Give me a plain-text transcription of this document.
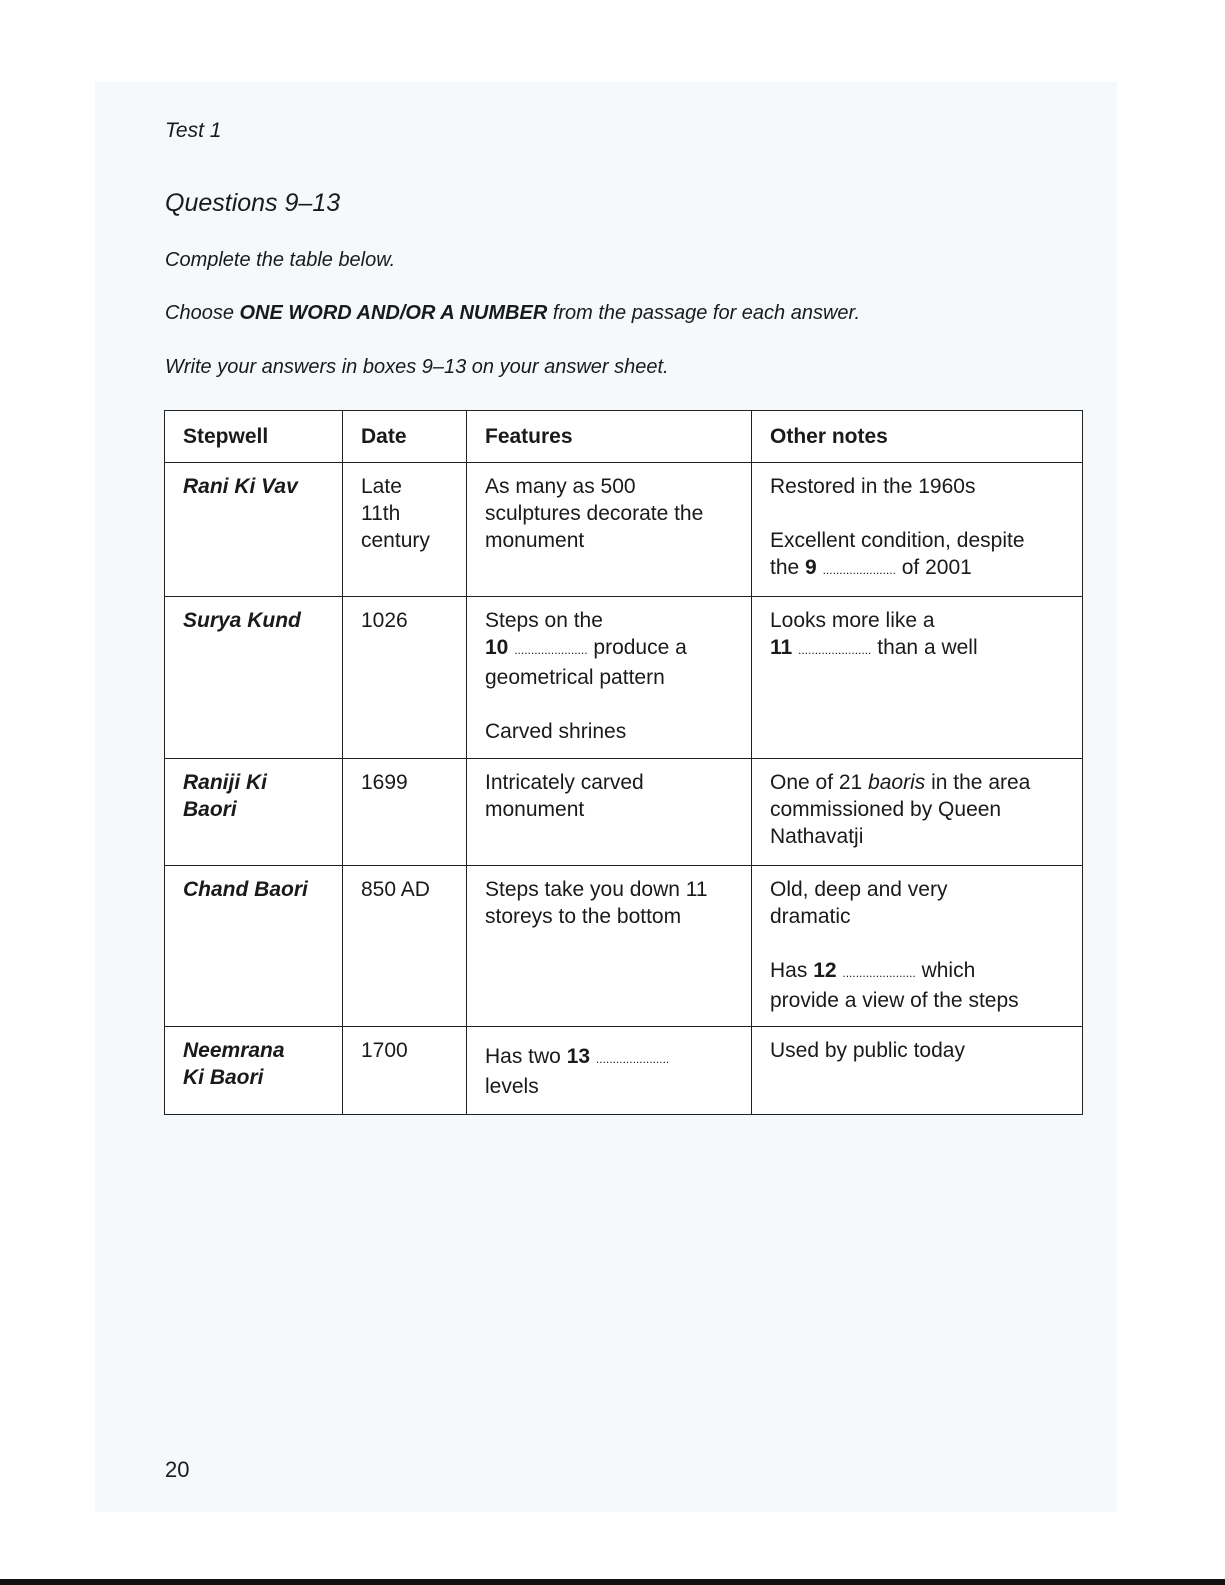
Test 1

Questions 9–13

Complete the table below.

Choose ONE WORD AND/OR A NUMBER from the passage for each answer.

Write your answers in boxes 9–13 on your answer sheet.

Stepwell	Date	Features	Other notes
Rani Ki Vav	Late
11th
century	As many as 500
sculptures decorate the
monument	Restored in the 1960s
Excellent condition, despite
the 9 ...................... of 2001

Surya Kund	1026	Steps on the
10 ...................... produce a
geometrical pattern
Carved shrines	Looks more like a
11 ...................... than a well

Raniji Ki
Baori	1699	Intricately carved
monument	One of 21 baoris in the area
commissioned by Queen
Nathavatji

Chand Baori	850 AD	Steps take you down 11
storeys to the bottom	Old, deep and very
dramatic
Has 12 ...................... which
provide a view of the steps

Neemrana
Ki Baori	1700	Has two 13 ......................
levels	Used by public today

20
